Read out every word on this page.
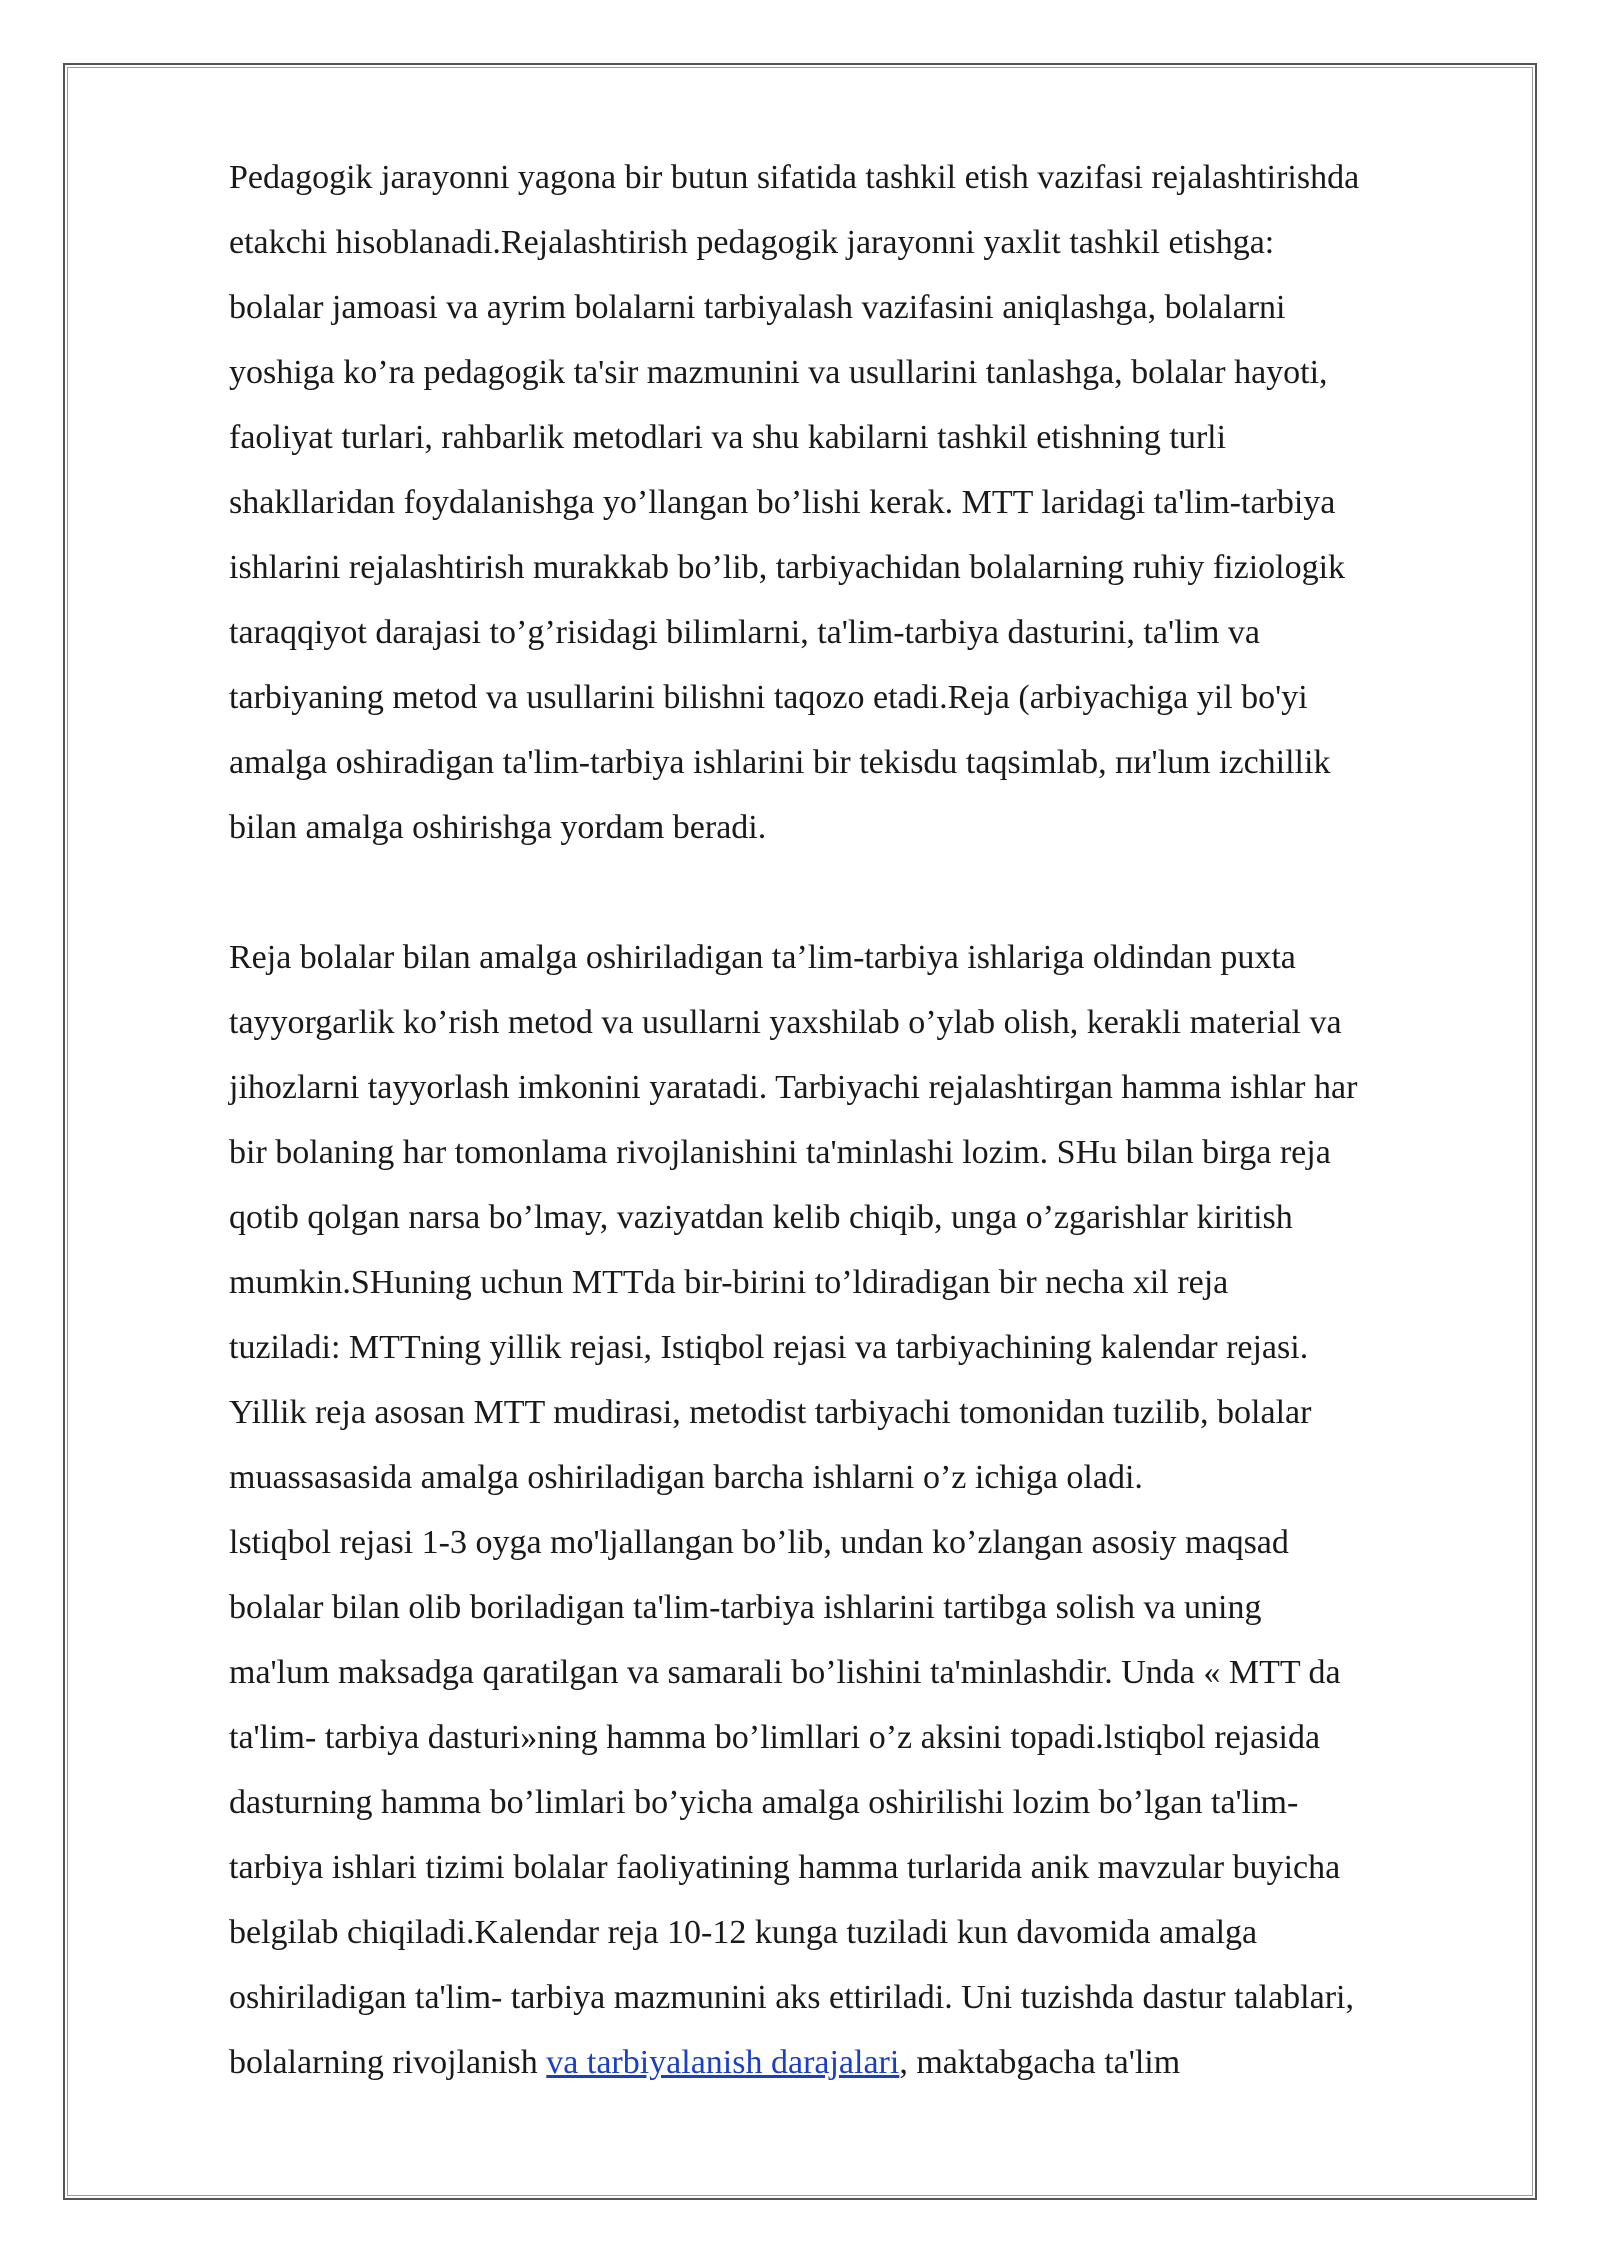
Pedagogik jarayonni yagona bir butun sifatida tashkil etish vazifasi rejalashtirishda
etakchi hisoblanadi.Rejalashtirish pedagogik jarayonni yaxlit tashkil etishga:
bolalar jamoasi va ayrim bolalarni tarbiyalash vazifasini aniqlashga, bolalarni
yoshiga ko’ra pedagogik ta'sir mazmunini va usullarini tanlashga, bolalar hayoti,
faoliyat turlari, rahbarlik metodlari va shu kabilarni tashkil etishning turli
shakllaridan foydalanishga yo’llangan bo’lishi kerak. MTT laridagi ta'lim-tarbiya
ishlarini rejalashtirish murakkab bo’lib, tarbiyachidan bolalarning ruhiy fiziologik
taraqqiyot darajasi to’g’risidagi bilimlarni, ta'lim-tarbiya dasturini, ta'lim va
tarbiyaning metod va usullarini bilishni taqozo etadi.Reja (arbiyachiga yil bo'yi
amalga oshiradigan ta'lim-tarbiya ishlarini bir tekisdu taqsimlab, пи'lum izchillik
bilan amalga oshirishga yordam beradi.
Reja bolalar bilan amalga oshiriladigan ta’lim-tarbiya ishlariga oldindan puxta
tayyorgarlik ko’rish metod va usullarni yaxshilab o’ylab olish, kerakli material va
jihozlarni tayyorlash imkonini yaratadi. Tarbiyachi rejalashtirgan hamma ishlar har
bir bolaning har tomonlama rivojlanishini ta'minlashi lozim. SHu bilan birga reja
qotib qolgan narsa bo’lmay, vaziyatdan kelib chiqib, unga o’zgarishlar kiritish
mumkin.SHuning uchun MTTda bir-birini to’ldiradigan bir necha xil reja
tuziladi: MTTning yillik rejasi, Istiqbol rejasi va tarbiyachining kalendar rejasi.
Yillik reja asosan MTT mudirasi, metodist tarbiyachi tomonidan tuzilib, bolalar
muassasasida amalga oshiriladigan barcha ishlarni o’z ichiga oladi.
lstiqbol rejasi 1-3 oyga mo'ljallangan bo’lib, undan ko’zlangan asosiy maqsad
bolalar bilan olib boriladigan ta'lim-tarbiya ishlarini tartibga solish va uning
ma'lum maksadga qaratilgan va samarali bo’lishini ta'minlashdir. Unda « MTT da
ta'lim- tarbiya dasturi»ning hamma bo’limllari o’z aksini topadi.lstiqbol rejasida
dasturning hamma bo’limlari bo’yicha amalga oshirilishi lozim bo’lgan ta'lim-
tarbiya ishlari tizimi bolalar faoliyatining hamma turlarida anik mavzular buyicha
belgilab chiqiladi.Kalendar reja 10-12 kunga tuziladi kun davomida amalga
oshiriladigan ta'lim- tarbiya mazmunini aks ettiriladi. Uni tuzishda dastur talablari,
bolalarning rivojlanish va tarbiyalanish darajalari, maktabgacha ta'lim
